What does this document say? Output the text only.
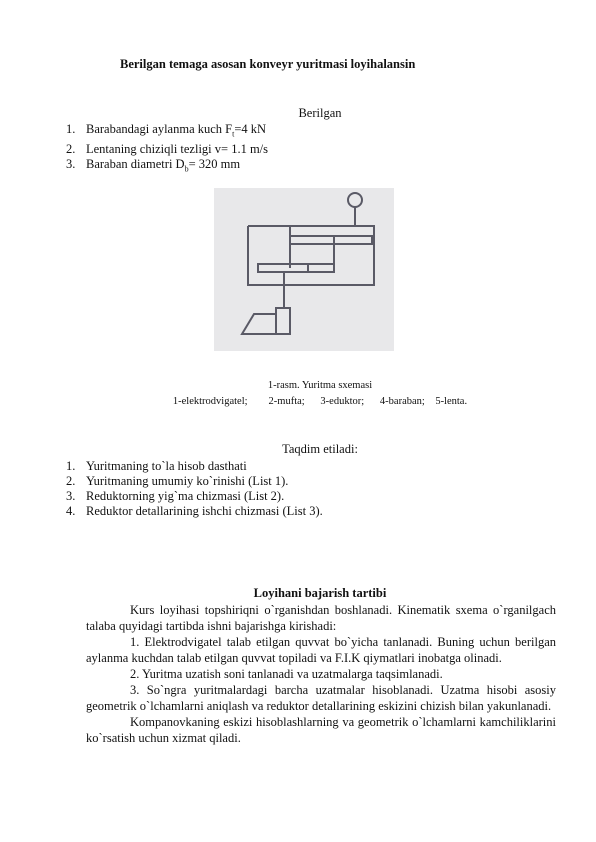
Berilgan temaga asosan konveyr yuritmasi loyihalansin
Berilgan
1. Barabandagi aylanma kuch $F_t=4$ kN
2. Lentaning chiziqli tezligi v= 1.1 m/s
3. Baraban diametri $D_b= 320$ mm
1-rasm. Yuritma sxemasi
1-elektrodvigatel;        2-mufta;      3-eduktor;      4-baraban;    5-lenta.
Taqdim etiladi:
1. Yuritmaning to`la hisob dasthati
2. Yuritmaning umumiy ko`rinishi (List 1).
3. Reduktorning yig`ma chizmasi (List 2).
4. Reduktor detallarining ishchi chizmasi (List 3).
Loyihani bajarish tartibi

Kurs loyihasi topshiriqni o`rganishdan boshlanadi. Kinematik sxema o`rganilgach talaba quyidagi tartibda ishni bajarishga kirishadi:

1. Elektrodvigatel talab etilgan quvvat bo`yicha tanlanadi. Buning uchun berilgan aylanma kuchdan talab etilgan quvvat topiladi va F.I.K qiymatlari inobatga olinadi.

2. Yuritma uzatish soni tanlanadi va uzatmalarga taqsimlanadi.

3. So`ngra yuritmalardagi barcha uzatmalar hisoblanadi. Uzatma hisobi asosiy geometrik o`lchamlarni aniqlash va reduktor detallarining eskizini chizish bilan yakunlanadi.

Kompanovkaning eskizi hisoblashlarning va geometrik o`lchamlarni kamchiliklarini ko`rsatish uchun xizmat qiladi.
